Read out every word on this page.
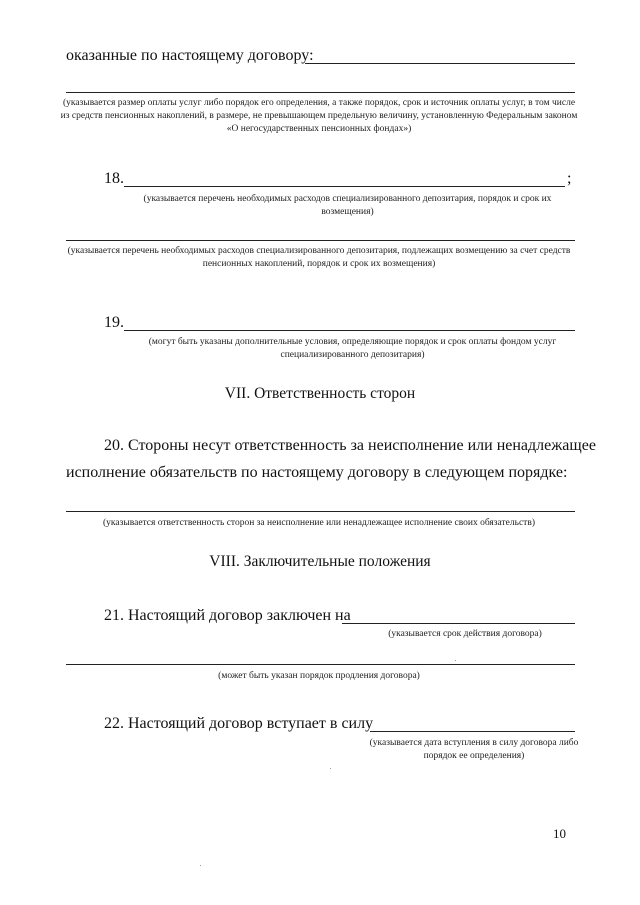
оказанные по настоящему договору:
(указывается размер оплаты услуг либо порядок его определения, а также порядок, срок и источник оплаты услуг, в том числе из средств пенсионных накоплений, в размере, не превышающем предельную величину, установленную Федеральным законом «О негосударственных пенсионных фондах»)
18.	;
(указывается перечень необходимых расходов специализированного депозитария, порядок и срок их возмещения)
(указывается перечень необходимых расходов специализированного депозитария, подлежащих возмещению за счет средств пенсионных накоплений, порядок и срок их возмещения)
19.
(могут быть указаны дополнительные условия, определяющие порядок и срок оплаты фондом услуг специализированного депозитария)
VII. Ответственность сторон
20. Стороны несут ответственность за неисполнение или ненадлежащее
исполнение обязательств по настоящему договору в следующем порядке:
(указывается ответственность сторон за неисполнение или ненадлежащее исполнение своих обязательств)
VIII. Заключительные положения
21. Настоящий договор заключен на
(указывается срок действия договора)
(может быть указан порядок продления договора)
22. Настоящий договор вступает в силу
(указывается дата вступления в силу договора либо порядок ее определения)
10
